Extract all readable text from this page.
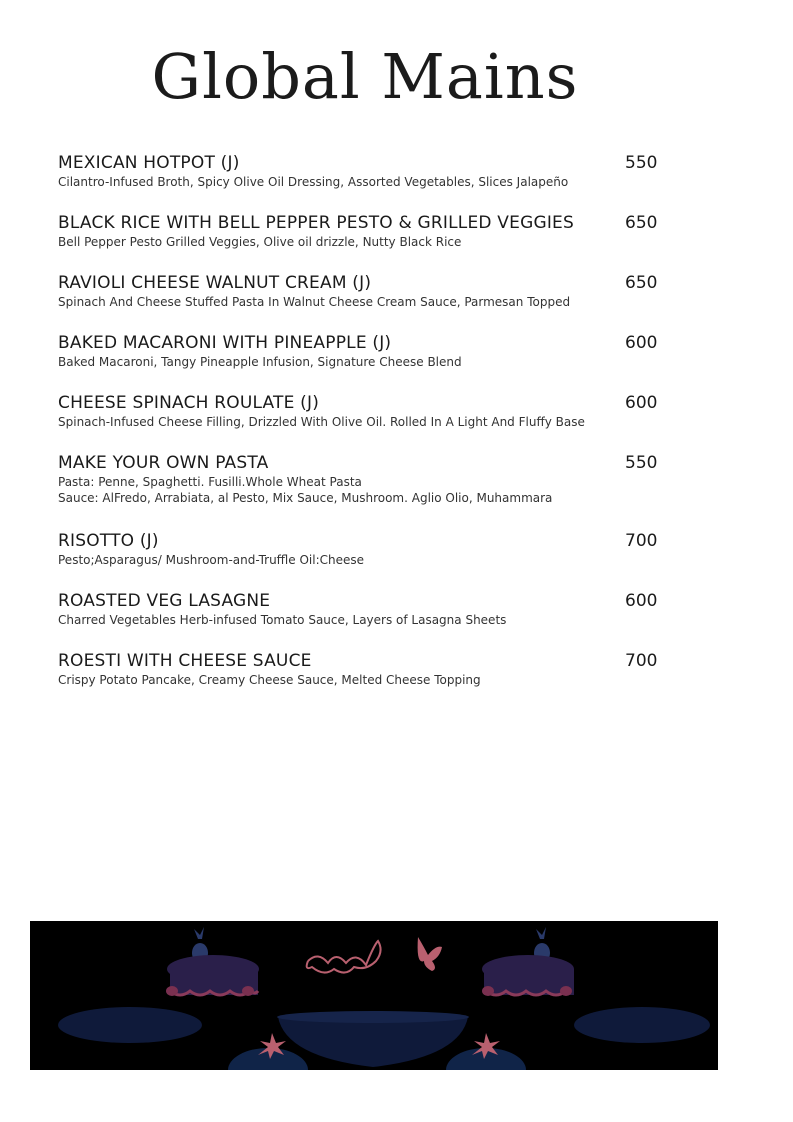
Global Mains
MEXICAN HOTPOT (J)	550
Cilantro-Infused Broth, Spicy Olive Oil Dressing, Assorted Vegetables, Slices Jalapeño
BLACK RICE WITH BELL PEPPER PESTO & GRILLED VEGGIES	650
Bell Pepper Pesto Grilled Veggies, Olive oil drizzle, Nutty Black Rice
RAVIOLI CHEESE WALNUT CREAM (J)	650
Spinach And Cheese Stuffed Pasta In Walnut Cheese Cream Sauce, Parmesan Topped
BAKED MACARONI WITH PINEAPPLE (J)	600
Baked Macaroni, Tangy Pineapple Infusion, Signature Cheese Blend
CHEESE SPINACH ROULATE (J)	600
Spinach-Infused Cheese Filling, Drizzled With Olive Oil. Rolled In A Light And Fluffy Base
MAKE YOUR OWN PASTA	550
Pasta: Penne, Spaghetti. Fusilli.Whole Wheat Pasta
Sauce: AlFredo, Arrabiata, al Pesto, Mix Sauce, Mushroom. Aglio Olio, Muhammara
RISOTTO (J)	700
Pesto;Asparagus/ Mushroom-and-Truffle Oil:Cheese
ROASTED VEG LASAGNE	600
Charred Vegetables Herb-infused Tomato Sauce, Layers of Lasagna Sheets
ROESTI WITH CHEESE SAUCE	700
Crispy Potato Pancake, Creamy Cheese Sauce, Melted Cheese Topping
